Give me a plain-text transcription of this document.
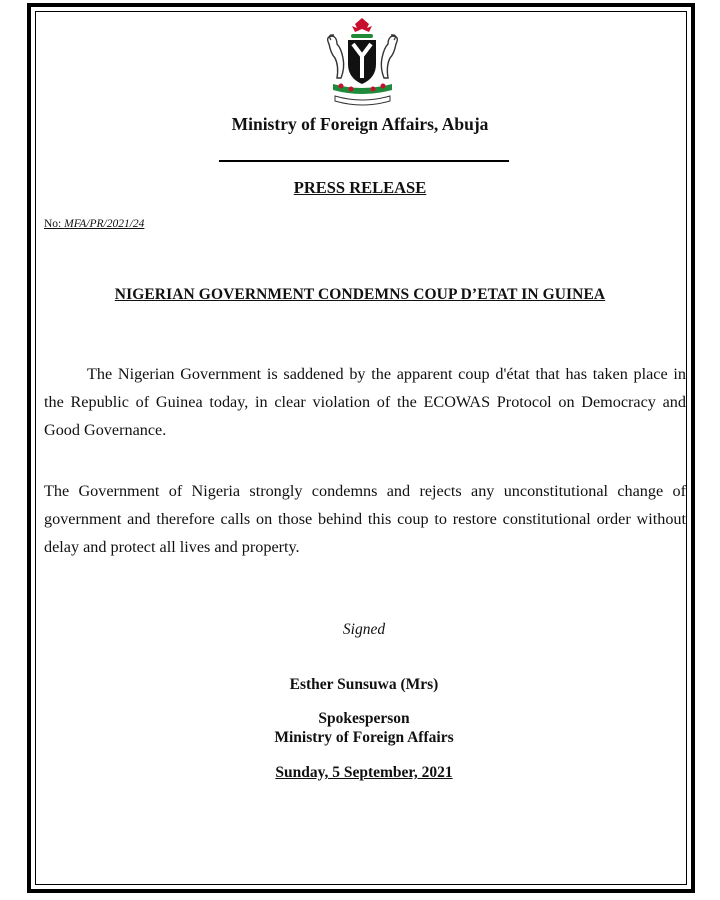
Ministry of Foreign Affairs, Abuja
PRESS RELEASE
No: MFA/PR/2021/24
NIGERIAN GOVERNMENT CONDEMNS COUP D’ETAT IN GUINEA
The Nigerian Government is saddened by the apparent coup d'état that has taken place in the Republic of Guinea today, in clear violation of the ECOWAS Protocol on Democracy and Good Governance.
The Government of Nigeria strongly condemns and rejects any unconstitutional change of government and therefore calls on those behind this coup to restore constitutional order without delay and protect all lives and property.
Signed
Esther Sunsuwa (Mrs)
Spokesperson
Ministry of Foreign Affairs
Sunday, 5 September, 2021
